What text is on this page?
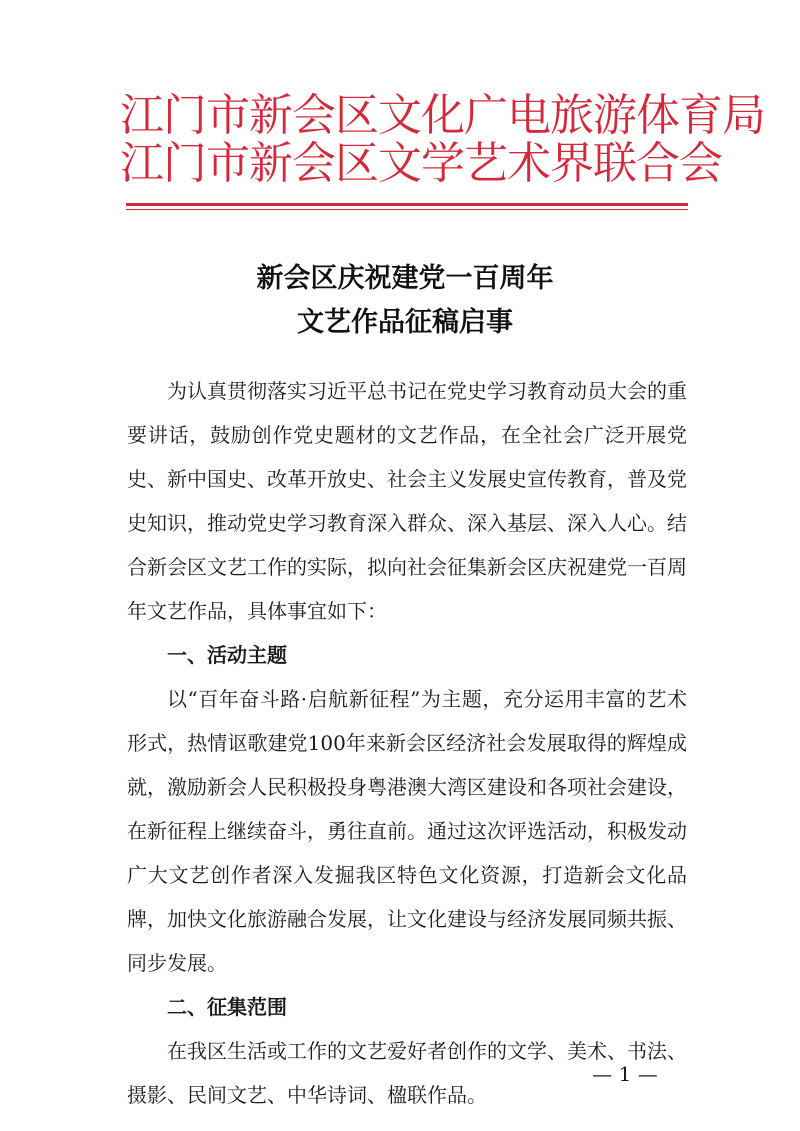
江门市新会区文化广电旅游体育局
江门市新会区文学艺术界联合会
新会区庆祝建党一百周年
文艺作品征稿启事

为认真贯彻落实习近平总书记在党史学习教育动员大会的重要讲话，鼓励创作党史题材的文艺作品，在全社会广泛开展党史、新中国史、改革开放史、社会主义发展史宣传教育，普及党史知识，推动党史学习教育深入群众、深入基层、深入人心。结合新会区文艺工作的实际，拟向社会征集新会区庆祝建党一百周年文艺作品，具体事宜如下：

一、活动主题

以“百年奋斗路·启航新征程”为主题，充分运用丰富的艺术形式，热情讴歌建党100年来新会区经济社会发展取得的辉煌成就，激励新会人民积极投身粤港澳大湾区建设和各项社会建设，在新征程上继续奋斗，勇往直前。通过这次评选活动，积极发动广大文艺创作者深入发掘我区特色文化资源，打造新会文化品牌，加快文化旅游融合发展，让文化建设与经济发展同频共振、同步发展。

二、征集范围

在我区生活或工作的文艺爱好者创作的文学、美术、书法、摄影、民间文艺、中华诗词、楹联作品。

— 1 —
